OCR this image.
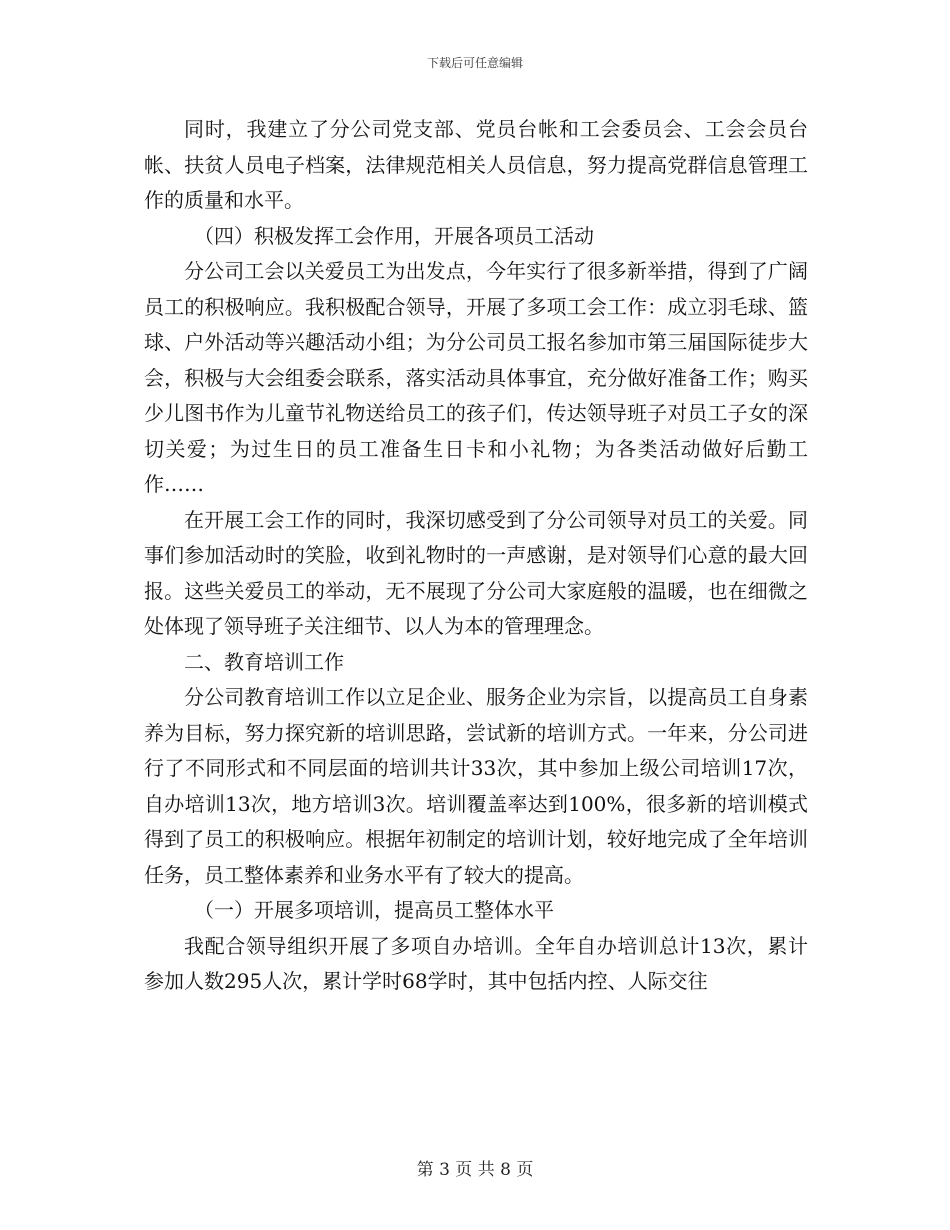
下载后可任意编辑

同时，我建立了分公司党支部、党员台帐和工会委员会、工会会员台帐、扶贫人员电子档案，法律规范相关人员信息，努力提高党群信息管理工作的质量和水平。

（四）积极发挥工会作用，开展各项员工活动

分公司工会以关爱员工为出发点，今年实行了很多新举措，得到了广阔员工的积极响应。我积极配合领导，开展了多项工会工作：成立羽毛球、篮球、户外活动等兴趣活动小组；为分公司员工报名参加市第三届国际徒步大会，积极与大会组委会联系，落实活动具体事宜，充分做好准备工作；购买少儿图书作为儿童节礼物送给员工的孩子们，传达领导班子对员工子女的深切关爱；为过生日的员工准备生日卡和小礼物；为各类活动做好后勤工作……

在开展工会工作的同时，我深切感受到了分公司领导对员工的关爱。同事们参加活动时的笑脸，收到礼物时的一声感谢，是对领导们心意的最大回报。这些关爱员工的举动，无不展现了分公司大家庭般的温暖，也在细微之处体现了领导班子关注细节、以人为本的管理理念。

二、教育培训工作

分公司教育培训工作以立足企业、服务企业为宗旨，以提高员工自身素养为目标，努力探究新的培训思路，尝试新的培训方式。一年来，分公司进行了不同形式和不同层面的培训共计33次，其中参加上级公司培训17次，自办培训13次，地方培训3次。培训覆盖率达到100%，很多新的培训模式得到了员工的积极响应。根据年初制定的培训计划，较好地完成了全年培训任务，员工整体素养和业务水平有了较大的提高。

（一）开展多项培训，提高员工整体水平

我配合领导组织开展了多项自办培训。全年自办培训总计13次，累计参加人数295人次，累计学时68学时，其中包括内控、人际交往

第 3 页 共 8 页
